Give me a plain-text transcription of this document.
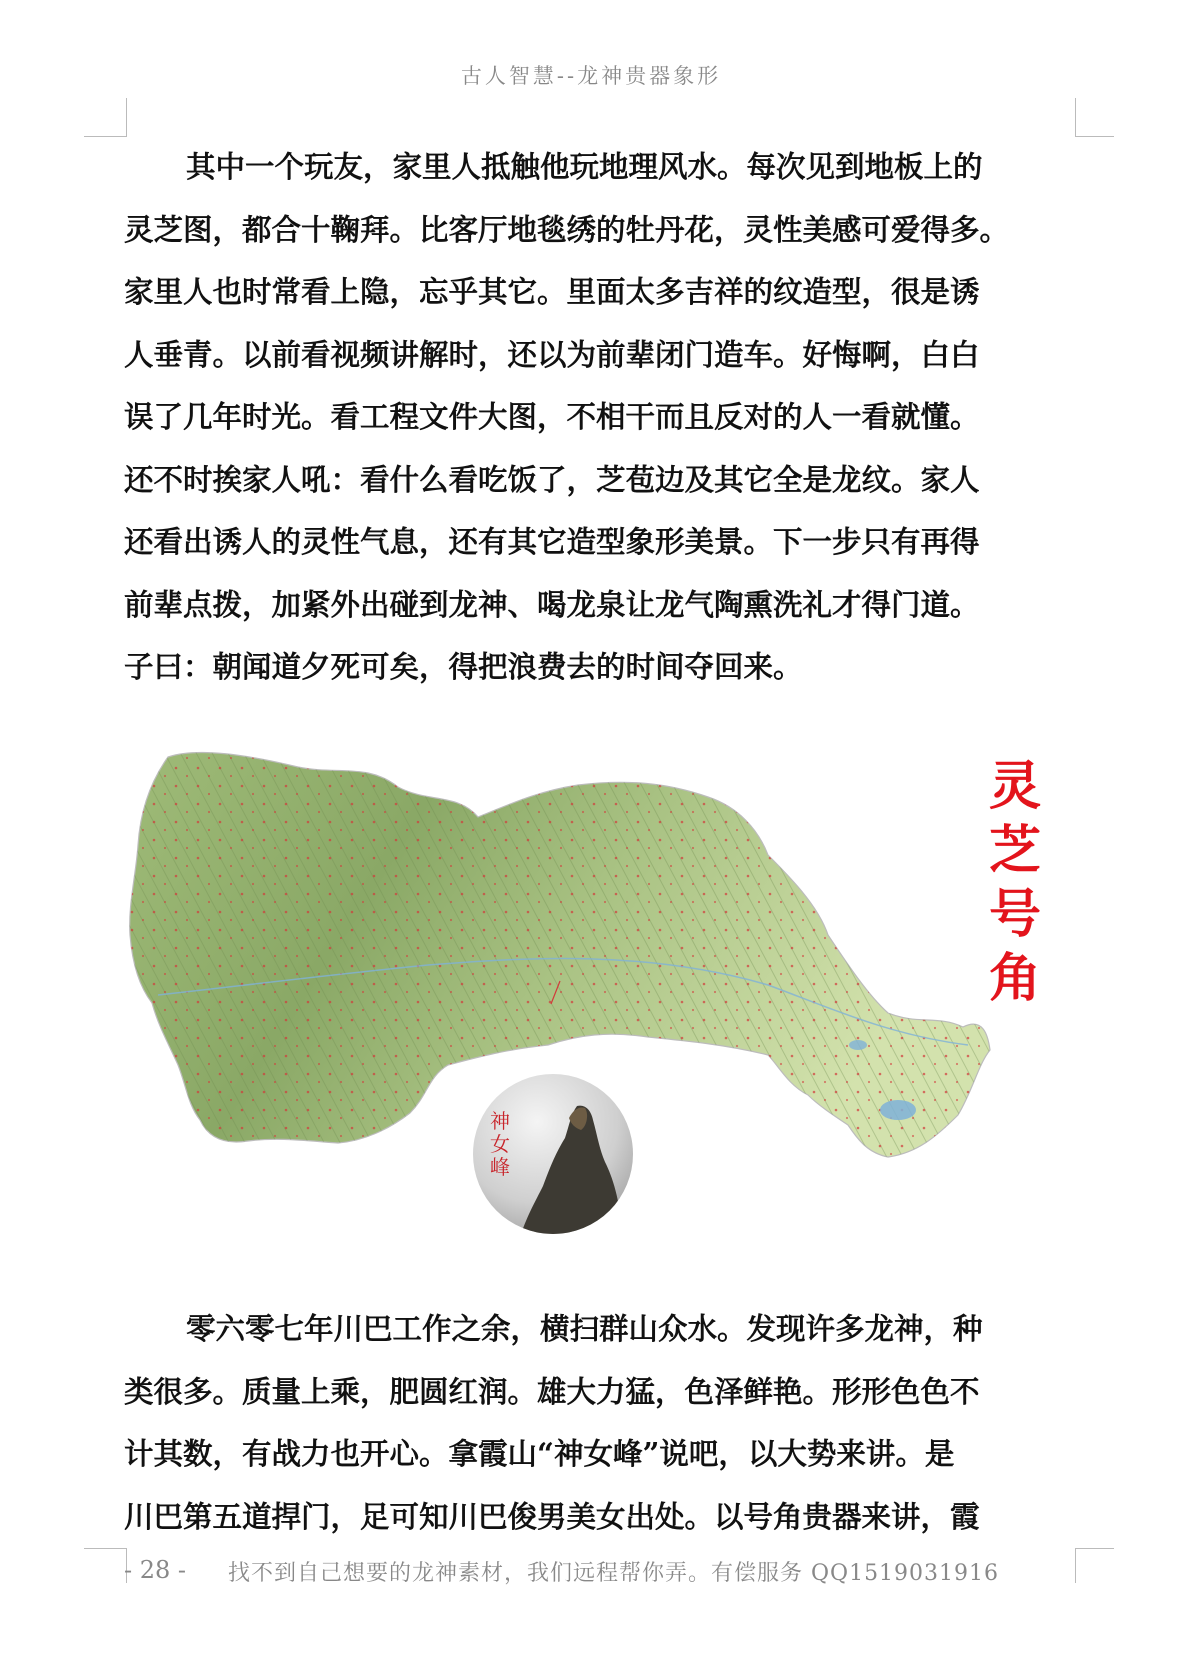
古人智慧--龙神贵器象形
其中一个玩友，家里人抵触他玩地理风水。每次见到地板上的
灵芝图，都合十鞠拜。比客厅地毯绣的牡丹花，灵性美感可爱得多。
家里人也时常看上隐，忘乎其它。里面太多吉祥的纹造型，很是诱
人垂青。以前看视频讲解时，还以为前辈闭门造车。好悔啊，白白
误了几年时光。看工程文件大图，不相干而且反对的人一看就懂。
还不时挨家人吼：看什么看吃饭了，芝苞边及其它全是龙纹。家人
还看出诱人的灵性气息，还有其它造型象形美景。下一步只有再得
前辈点拨，加紧外出碰到龙神、喝龙泉让龙气陶熏洗礼才得门道。
子曰：朝闻道夕死可矣，得把浪费去的时间夺回来。
灵
芝
号
角
神
女
峰
零六零七年川巴工作之余，横扫群山众水。发现许多龙神，种
类很多。质量上乘，肥圆红润。雄大力猛，色泽鲜艳。形形色色不
计其数，有战力也开心。拿霞山“神女峰”说吧，以大势来讲。是
川巴第五道捍门，足可知川巴俊男美女出处。以号角贵器来讲，霞
- 28 - 找不到自己想要的龙神素材，我们远程帮你弄。有偿服务 QQ1519031916
